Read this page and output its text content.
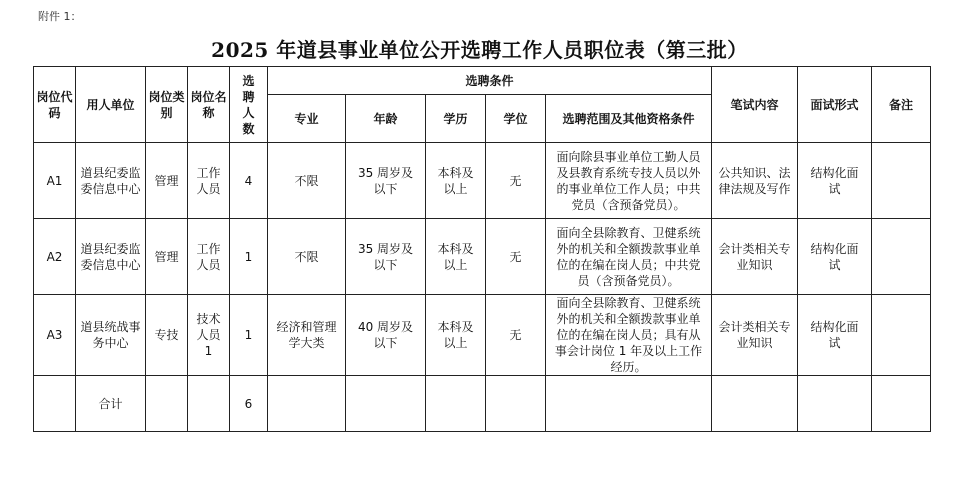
附件 1：
2025 年道县事业单位公开选聘工作人员职位表（第三批）
岗位代码	用人单位	岗位类别	岗位名称	选聘人数	选聘条件					笔试内容	面试形式	备注
					专业	年龄	学历	学位	选聘范围及其他资格条件			
A1	道县纪委监委信息中心	管理	工作人员	4	不限	35 周岁及以下	本科及以上	无	面向除县事业单位工勤人员及县教育系统专技人员以外的事业单位工作人员；中共党员（含预备党员）。	公共知识、法律法规及写作	结构化面试	
A2	道县纪委监委信息中心	管理	工作人员	1	不限	35 周岁及以下	本科及以上	无	面向全县除教育、卫健系统外的机关和全额拨款事业单位的在编在岗人员；中共党员（含预备党员）。	会计类相关专业知识	结构化面试	
A3	道县统战事务中心	专技	技术人员 1	1	经济和管理学大类	40 周岁及以下	本科及以上	无	面向全县除教育、卫健系统外的机关和全额拨款事业单位的在编在岗人员；具有从事会计岗位 1 年及以上工作经历。	会计类相关专业知识	结构化面试	
	合计			6								
